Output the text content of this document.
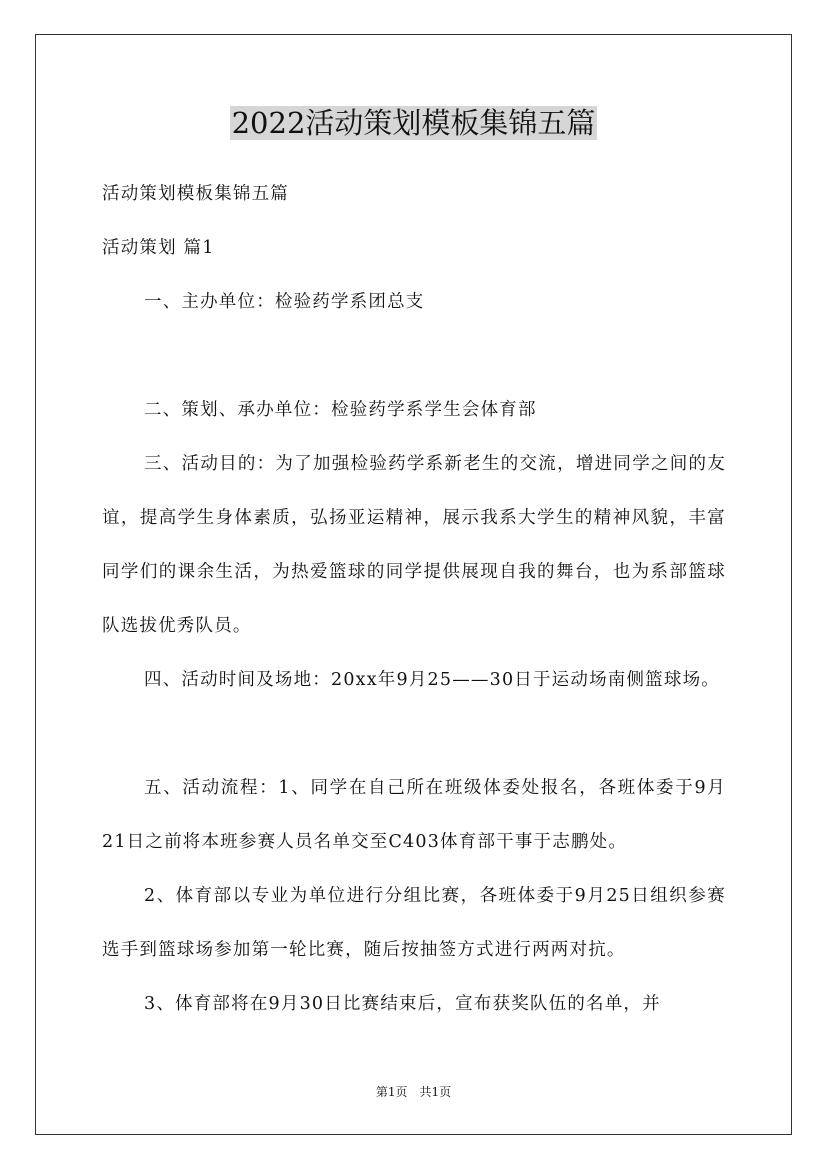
2022活动策划模板集锦五篇

活动策划模板集锦五篇

活动策划 篇1

一、主办单位：检验药学系团总支

二、策划、承办单位：检验药学系学生会体育部

三、活动目的：为了加强检验药学系新老生的交流，增进同学之间的友谊，提高学生身体素质，弘扬亚运精神，展示我系大学生的精神风貌，丰富同学们的课余生活，为热爱篮球的同学提供展现自我的舞台，也为系部篮球队选拔优秀队员。

四、活动时间及场地：20xx年9月25——30日于运动场南侧篮球场。

五、活动流程：1、同学在自己所在班级体委处报名，各班体委于9月21日之前将本班参赛人员名单交至C403体育部干事于志鹏处。

2、体育部以专业为单位进行分组比赛，各班体委于9月25日组织参赛选手到篮球场参加第一轮比赛，随后按抽签方式进行两两对抗。

3、体育部将在9月30日比赛结束后，宣布获奖队伍的名单，并

第1页 共1页
